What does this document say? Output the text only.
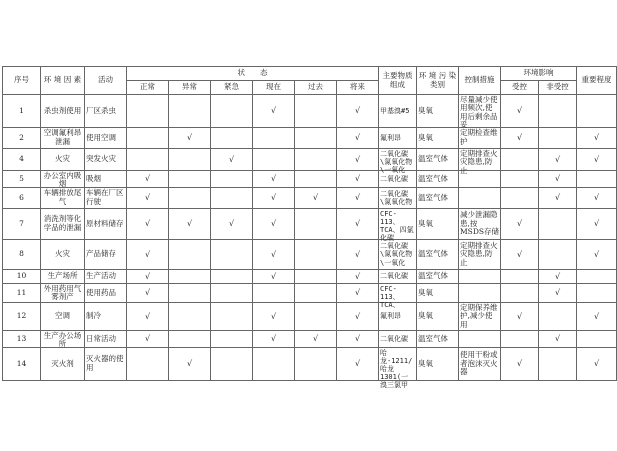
序号	环 境 因 素	活动	状　　态						主要物质组成	环 境 污 染类别	控制措施	环境影响		重要程度
			正常	异常	紧急	现在	过去	将来				受控	非受控	
1	杀虫剂使用	厂区杀虫				√		√	甲基溴#5	臭氧	尽量减少使用频次,使用后剩余品妥	√		
2	空调氟利昂泄漏	使用空调		√				√	氟利昂	臭氧	定期检查维护	√		√
4	火灾	突发火灾			√			√	二氧化碳\氮氧化物\一氧化	温室气体	定期排查火灾隐患,防止		√	√
5	办公室内吸烟	吸烟	√			√		√	二氧化碳	温室气体			√	
6	车辆排放尾气	车辆在厂区行驶	√			√	√	√	二氧化碳\氮氧化物	温室气体			√	√
7	消洗剂等化学品的泄漏	原材料储存	√	√	√	√		√	CFC-113、TCA、四氯化碳	臭氧	减少泄漏隐患,按MSDS存储	√		√
8	火灾	产品储存	√			√		√	二氧化碳\氮氧化物\一氧化	温室气体	定期排查火灾隐患,防止	√		√
10	生产场所	生产活动	√			√		√	二氧化碳	温室气体			√	
11	外用药用气雾剂产	使用药品	√					√	CFC-113、TCA、	臭氧			√	
12	空调	制冷	√			√		√	氟利昂	臭氧	定期保养维护,减少使用	√		√
13	生产办公场所	日常活动	√			√	√	√	二氧化碳	温室气体			√	
14	灭火剂	灭火器的使用		√				√	哈龙-1211/哈龙1301(一溴三氯甲	臭氧	使用干粉或者泡沫灭火器	√		√
